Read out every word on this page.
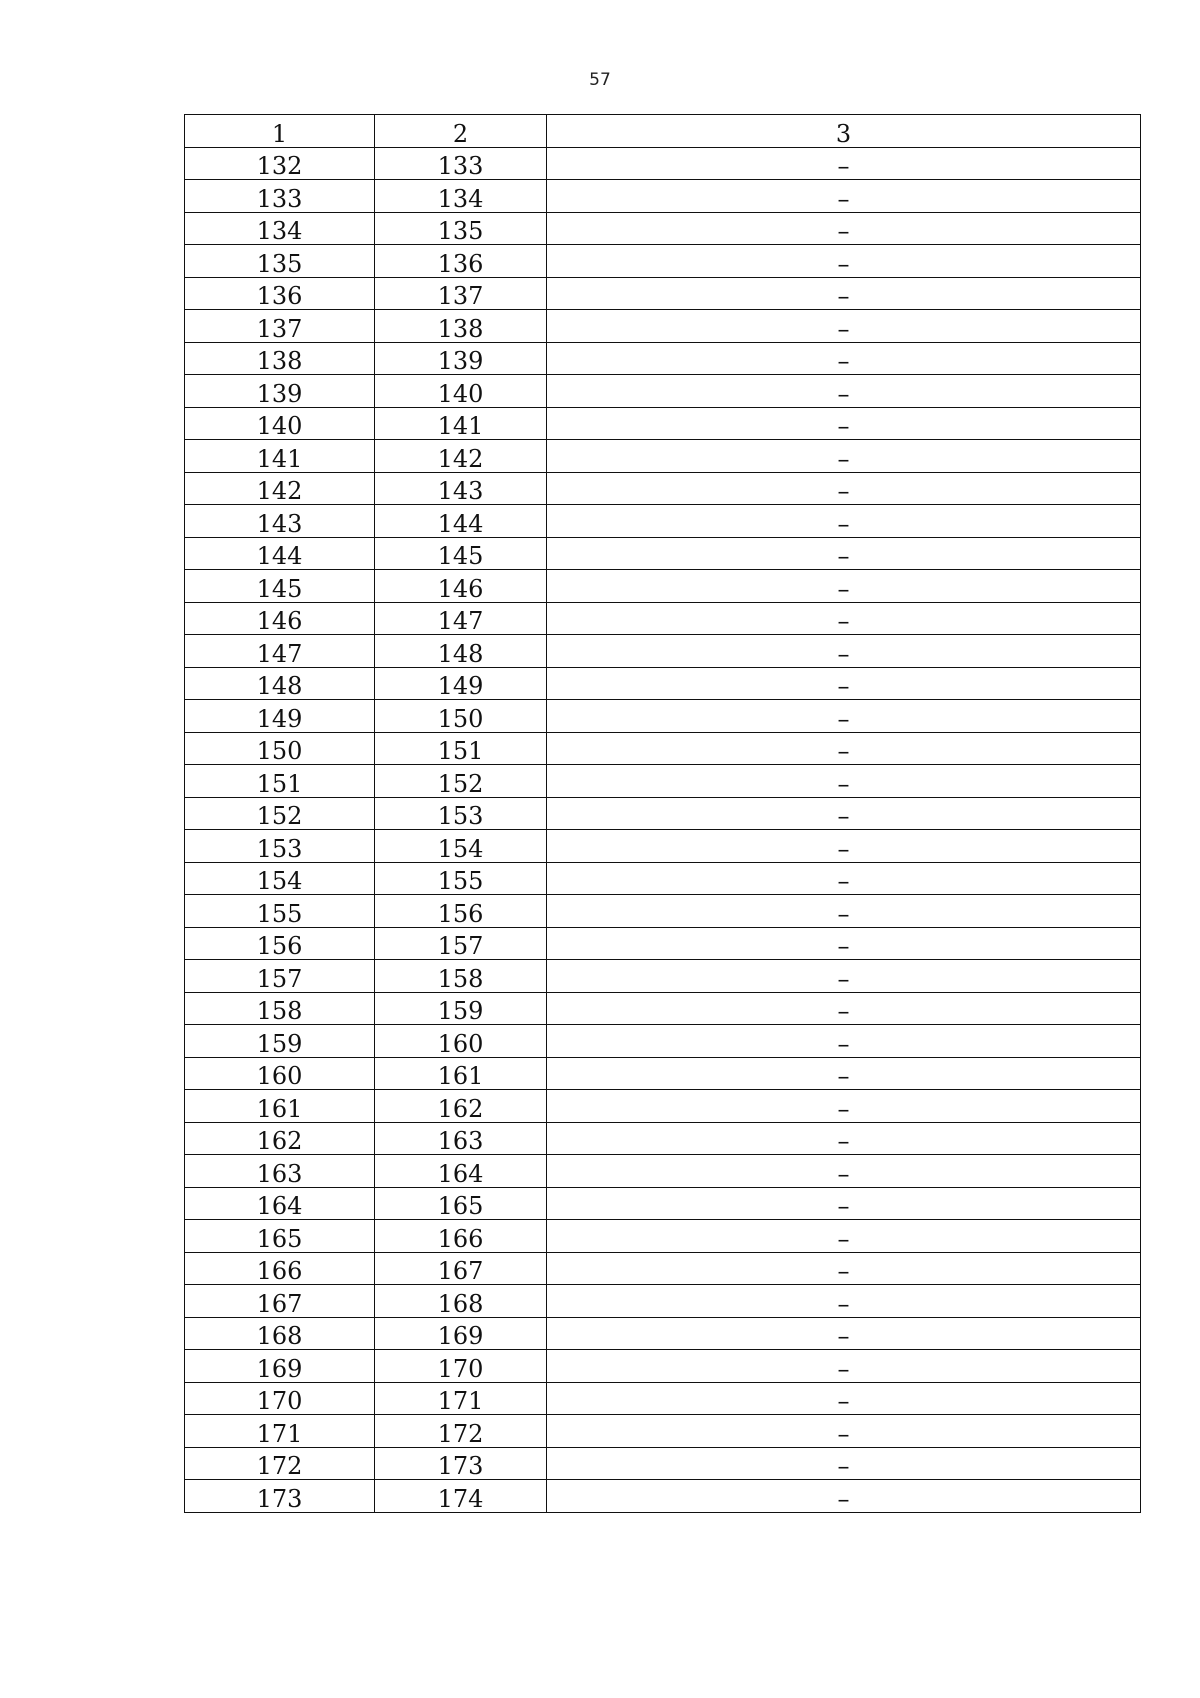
57
1	2	3
132	133	–
133	134	–
134	135	–
135	136	–
136	137	–
137	138	–
138	139	–
139	140	–
140	141	–
141	142	–
142	143	–
143	144	–
144	145	–
145	146	–
146	147	–
147	148	–
148	149	–
149	150	–
150	151	–
151	152	–
152	153	–
153	154	–
154	155	–
155	156	–
156	157	–
157	158	–
158	159	–
159	160	–
160	161	–
161	162	–
162	163	–
163	164	–
164	165	–
165	166	–
166	167	–
167	168	–
168	169	–
169	170	–
170	171	–
171	172	–
172	173	–
173	174	–
